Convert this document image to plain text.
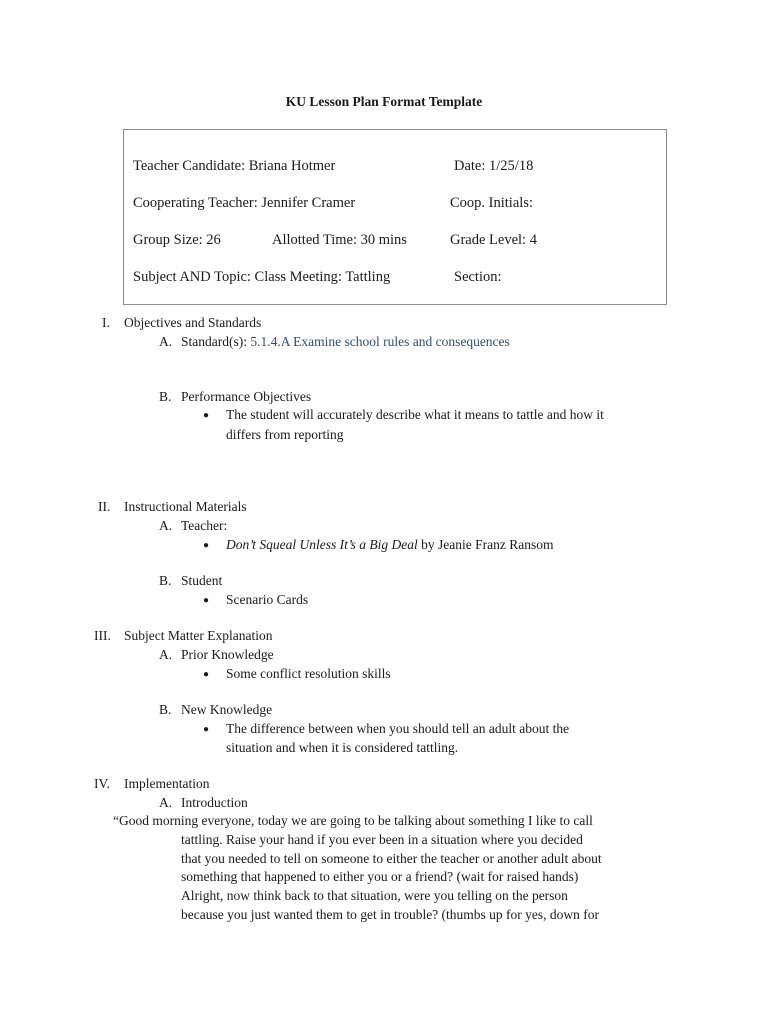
KU Lesson Plan Format Template
Teacher Candidate: Briana Hotmer	Date: 1/25/18
Cooperating Teacher: Jennifer Cramer	Coop. Initials:
Group Size: 26	Allotted Time: 30 mins	Grade Level: 4
Subject AND Topic: Class Meeting: Tattling	Section:
I. Objectives and Standards
A. Standard(s): 5.1.4.A Examine school rules and consequences
B. Performance Objectives
● The student will accurately describe what it means to tattle and how it
differs from reporting
II. Instructional Materials
A. Teacher:
● Don’t Squeal Unless It’s a Big Deal by Jeanie Franz Ransom
B. Student
● Scenario Cards
III. Subject Matter Explanation
A. Prior Knowledge
● Some conflict resolution skills
B. New Knowledge
● The difference between when you should tell an adult about the
situation and when it is considered tattling.
IV. Implementation
A. Introduction
“Good morning everyone, today we are going to be talking about something I like to call
tattling. Raise your hand if you ever been in a situation where you decided
that you needed to tell on someone to either the teacher or another adult about
something that happened to either you or a friend? (wait for raised hands)
Alright, now think back to that situation, were you telling on the person
because you just wanted them to get in trouble? (thumbs up for yes, down for
